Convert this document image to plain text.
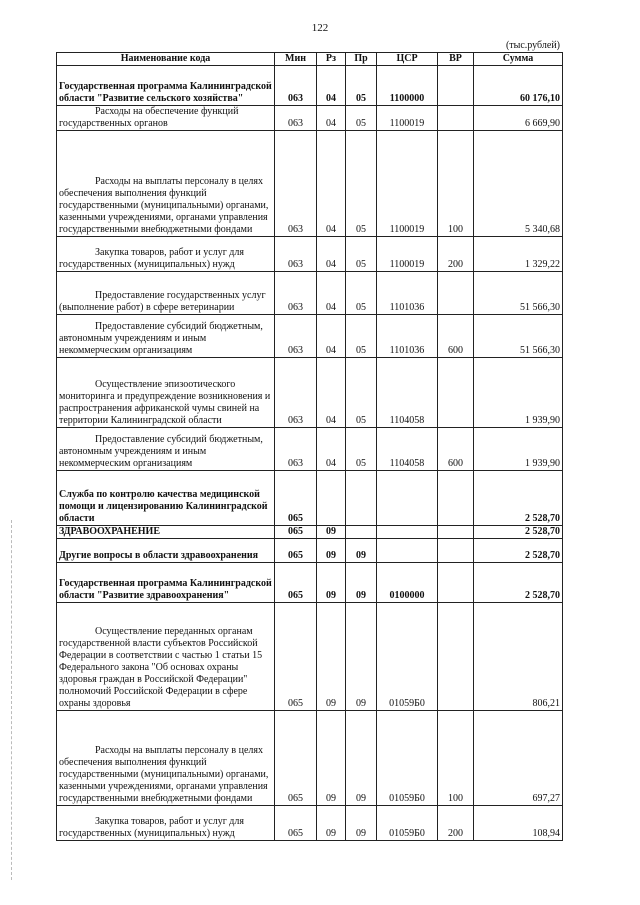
122
(тыс.рублей)
Наименование кода	Мин	Рз	Пр	ЦСР	ВР	Сумма
Государственная программа Калининградской области "Развитие сельского хозяйства"	063	04	05	1100000		60 176,10
Расходы на обеспечение функций государственных органов	063	04	05	1100019		6 669,90
Расходы на выплаты персоналу в целях обеспечения выполнения функций государственными (муниципальными) органами, казенными учреждениями, органами управления государственными внебюджетными фондами	063	04	05	1100019	100	5 340,68
Закупка товаров, работ и услуг для государственных (муниципальных) нужд	063	04	05	1100019	200	1 329,22
Предоставление государственных услуг (выполнение работ) в сфере ветеринарии	063	04	05	1101036		51 566,30
Предоставление субсидий бюджетным, автономным учреждениям и иным некоммерческим организациям	063	04	05	1101036	600	51 566,30
Осуществление эпизоотического мониторинга и предупреждение возникновения и распространения африканской чумы свиней на территории Калининградской области	063	04	05	1104058		1 939,90
Предоставление субсидий бюджетным, автономным учреждениям и иным некоммерческим организациям	063	04	05	1104058	600	1 939,90
Служба по контролю качества медицинской помощи и лицензированию Калининградской области	065					2 528,70
ЗДРАВООХРАНЕНИЕ	065	09				2 528,70
Другие вопросы в области здравоохранения	065	09	09			2 528,70
Государственная программа Калининградской области "Развитие здравоохранения"	065	09	09	0100000		2 528,70
Осуществление переданных органам государственной власти субъектов Российской Федерации в соответствии с частью 1 статьи 15 Федерального закона "Об основах охраны здоровья граждан в Российской Федерации" полномочий Российской Федерации в сфере охраны здоровья	065	09	09	01059Б0		806,21
Расходы на выплаты персоналу в целях обеспечения выполнения функций государственными (муниципальными) органами, казенными учреждениями, органами управления государственными внебюджетными фондами	065	09	09	01059Б0	100	697,27
Закупка товаров, работ и услуг для государственных (муниципальных) нужд	065	09	09	01059Б0	200	108,94
